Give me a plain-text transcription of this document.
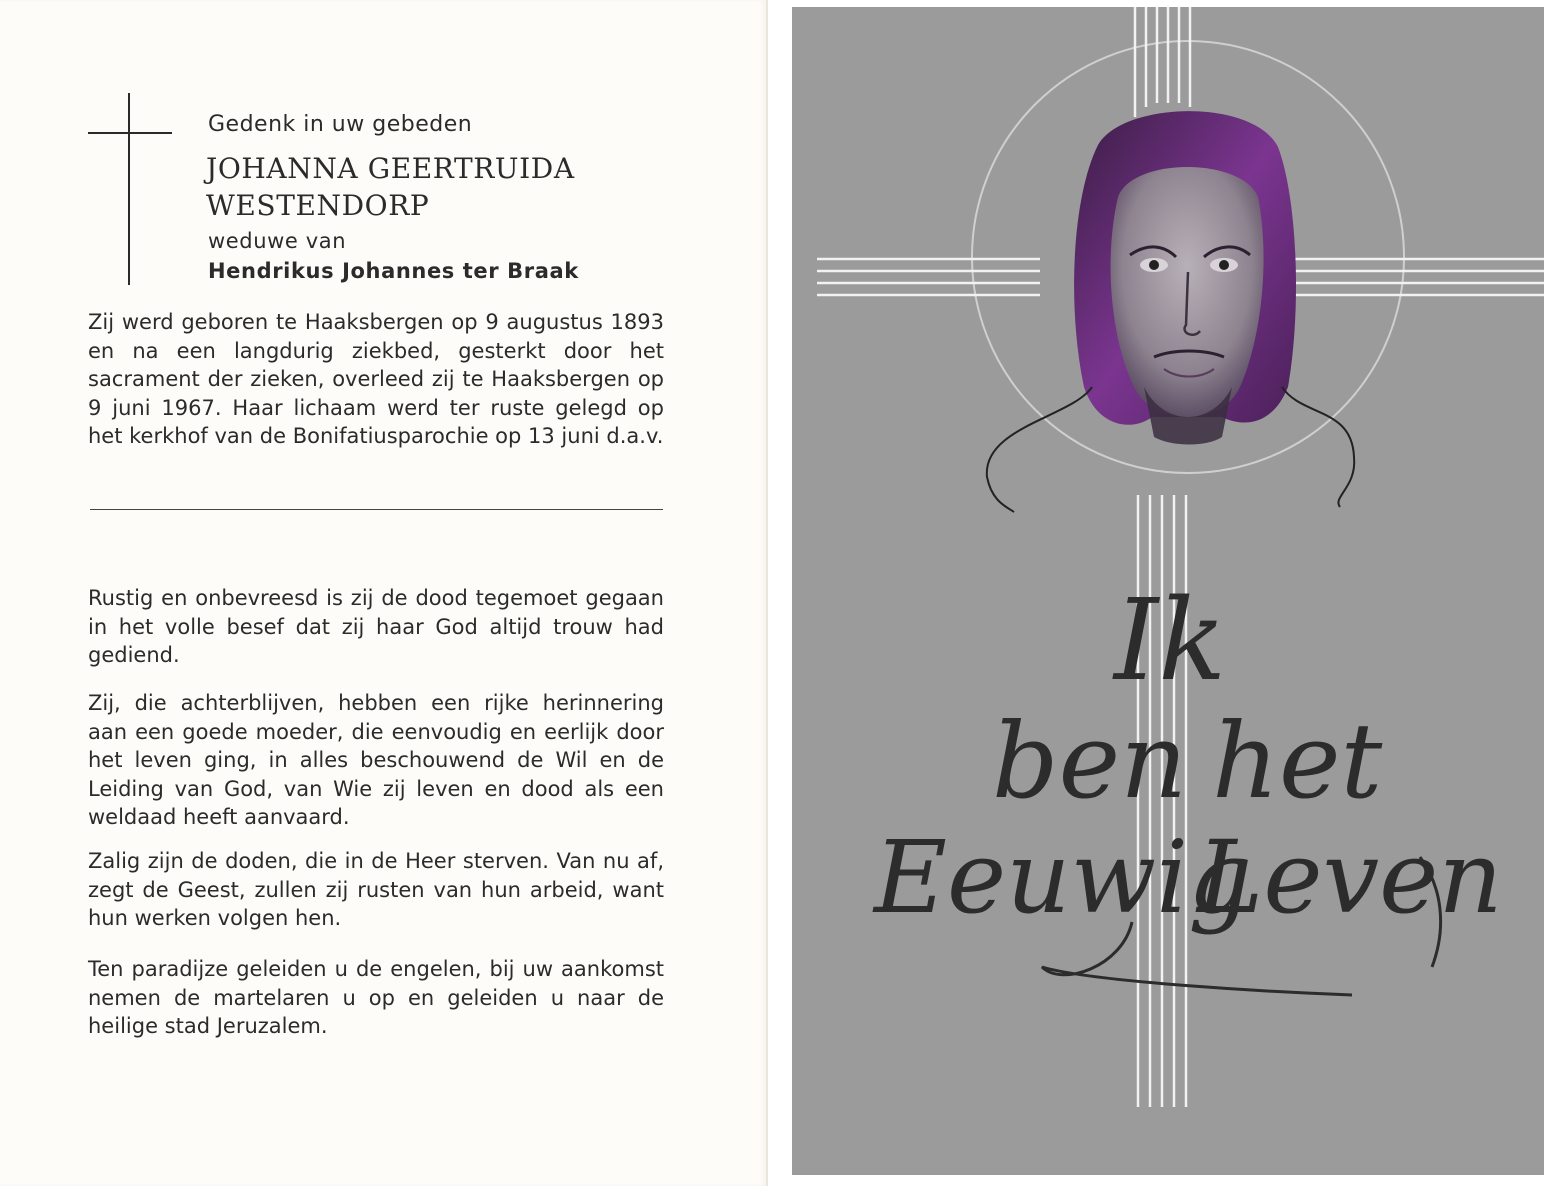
Gedenk in uw gebeden

JOHANNA GEERTRUIDA
WESTENDORP

weduwe van

Hendrikus Johannes ter Braak

Zij werd geboren te Haaksbergen op 9 augustus 1893 en na een langdurig ziekbed, gesterkt door het sacrament der zieken, overleed zij te Haaksbergen op 9 juni 1967. Haar lichaam werd ter ruste gelegd op het kerkhof van de Bonifatiusparochie op 13 juni d.a.v.

Rustig en onbevreesd is zij de dood tegemoet gegaan in het volle besef dat zij haar God altijd trouw had gediend.

Zij, die achterblijven, hebben een rijke herinnering aan een goede moeder, die eenvoudig en eerlijk door het leven ging, in alles beschouwend de Wil en de Leiding van God, van Wie zij leven en dood als een weldaad heeft aanvaard.

Zalig zijn de doden, die in de Heer sterven. Van nu af, zegt de Geest, zullen zij rusten van hun arbeid, want hun werken volgen hen.

Ten paradijze geleiden u de engelen, bij uw aankomst nemen de martelaren u op en geleiden u naar de heilige stad Jeruzalem.

Ik
ben het
Eeuwig
Leven
